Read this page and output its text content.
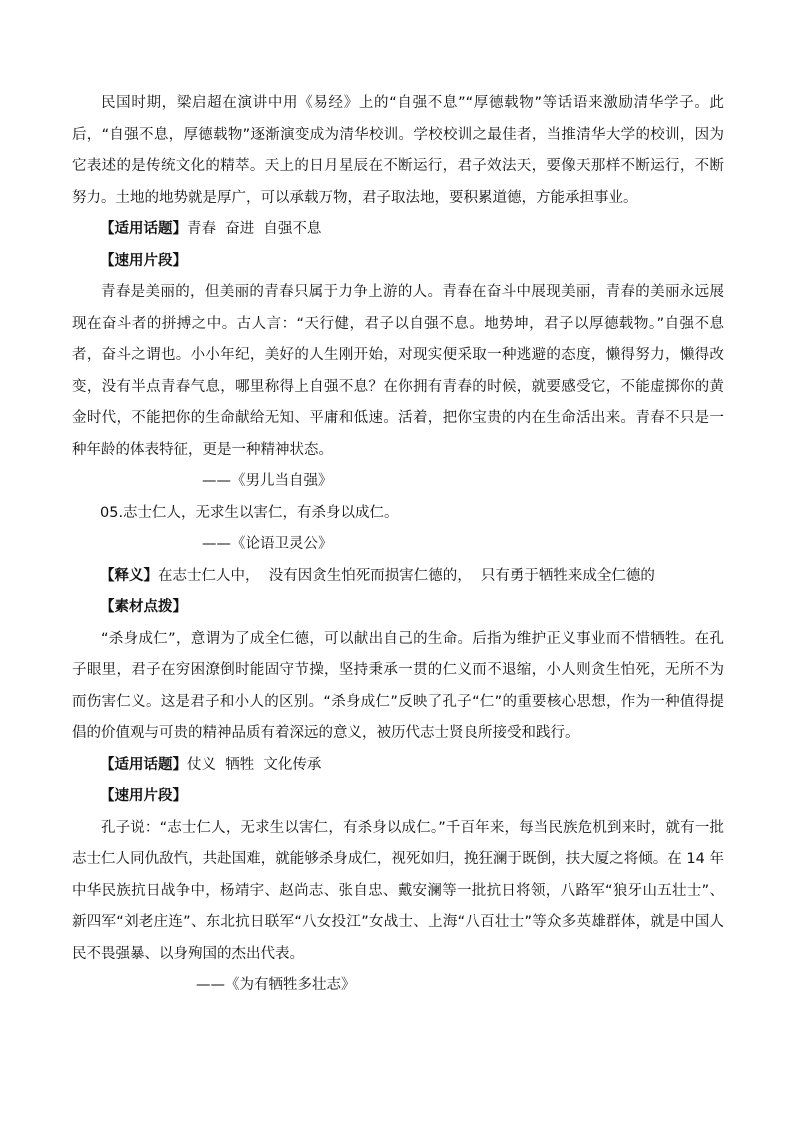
民国时期，梁启超在演讲中用《易经》上的“自强不息”“厚德载物”等话语来激励清华学子。此后，“自强不息，厚德载物”逐渐演变成为清华校训。学校校训之最佳者，当推清华大学的校训，因为它表述的是传统文化的精萃。天上的日月星辰在不断运行，君子效法天，要像天那样不断运行，不断努力。土地的地势就是厚广，可以承载万物，君子取法地，要积累道德，方能承担事业。

【适用话题】青春  奋进  自强不息

【速用片段】

青春是美丽的，但美丽的青春只属于力争上游的人。青春在奋斗中展现美丽，青春的美丽永远展现在奋斗者的拼搏之中。古人言：“天行健，君子以自强不息。地势坤，君子以厚德载物。”自强不息者，奋斗之谓也。小小年纪，美好的人生刚开始，对现实便采取一种逃避的态度，懒得努力，懒得改变，没有半点青春气息，哪里称得上自强不息？在你拥有青春的时候，就要感受它，不能虚掷你的黄金时代，不能把你的生命献给无知、平庸和低速。活着，把你宝贵的内在生命活出来。青春不只是一种年龄的体表特征，更是一种精神状态。

——《男儿当自强》

05.志士仁人，无求生以害仁，有杀身以成仁。

——《论语卫灵公》

【释义】在志士仁人中，  没有因贪生怕死而损害仁德的，  只有勇于牺牲来成全仁德的

【素材点拨】

“杀身成仁”，意谓为了成全仁德，可以献出自己的生命。后指为维护正义事业而不惜牺牲。在孔子眼里，君子在穷困潦倒时能固守节操，坚持秉承一贯的仁义而不退缩，小人则贪生怕死，无所不为而伤害仁义。这是君子和小人的区别。“杀身成仁”反映了孔子“仁”的重要核心思想，作为一种值得提倡的价值观与可贵的精神品质有着深远的意义，被历代志士贤良所接受和践行。

【适用话题】仗义  牺牲  文化传承

【速用片段】

孔子说：“志士仁人，无求生以害仁，有杀身以成仁。”千百年来，每当民族危机到来时，就有一批志士仁人同仇敌忾，共赴国难，就能够杀身成仁，视死如归，挽狂澜于既倒，扶大厦之将倾。在 14 年中华民族抗日战争中，杨靖宇、赵尚志、张自忠、戴安澜等一批抗日将领，八路军“狼牙山五壮士”、新四军“刘老庄连”、东北抗日联军“八女投江”女战士、上海“八百壮士”等众多英雄群体，就是中国人民不畏强暴、以身殉国的杰出代表。

——《为有牺牲多壮志》
